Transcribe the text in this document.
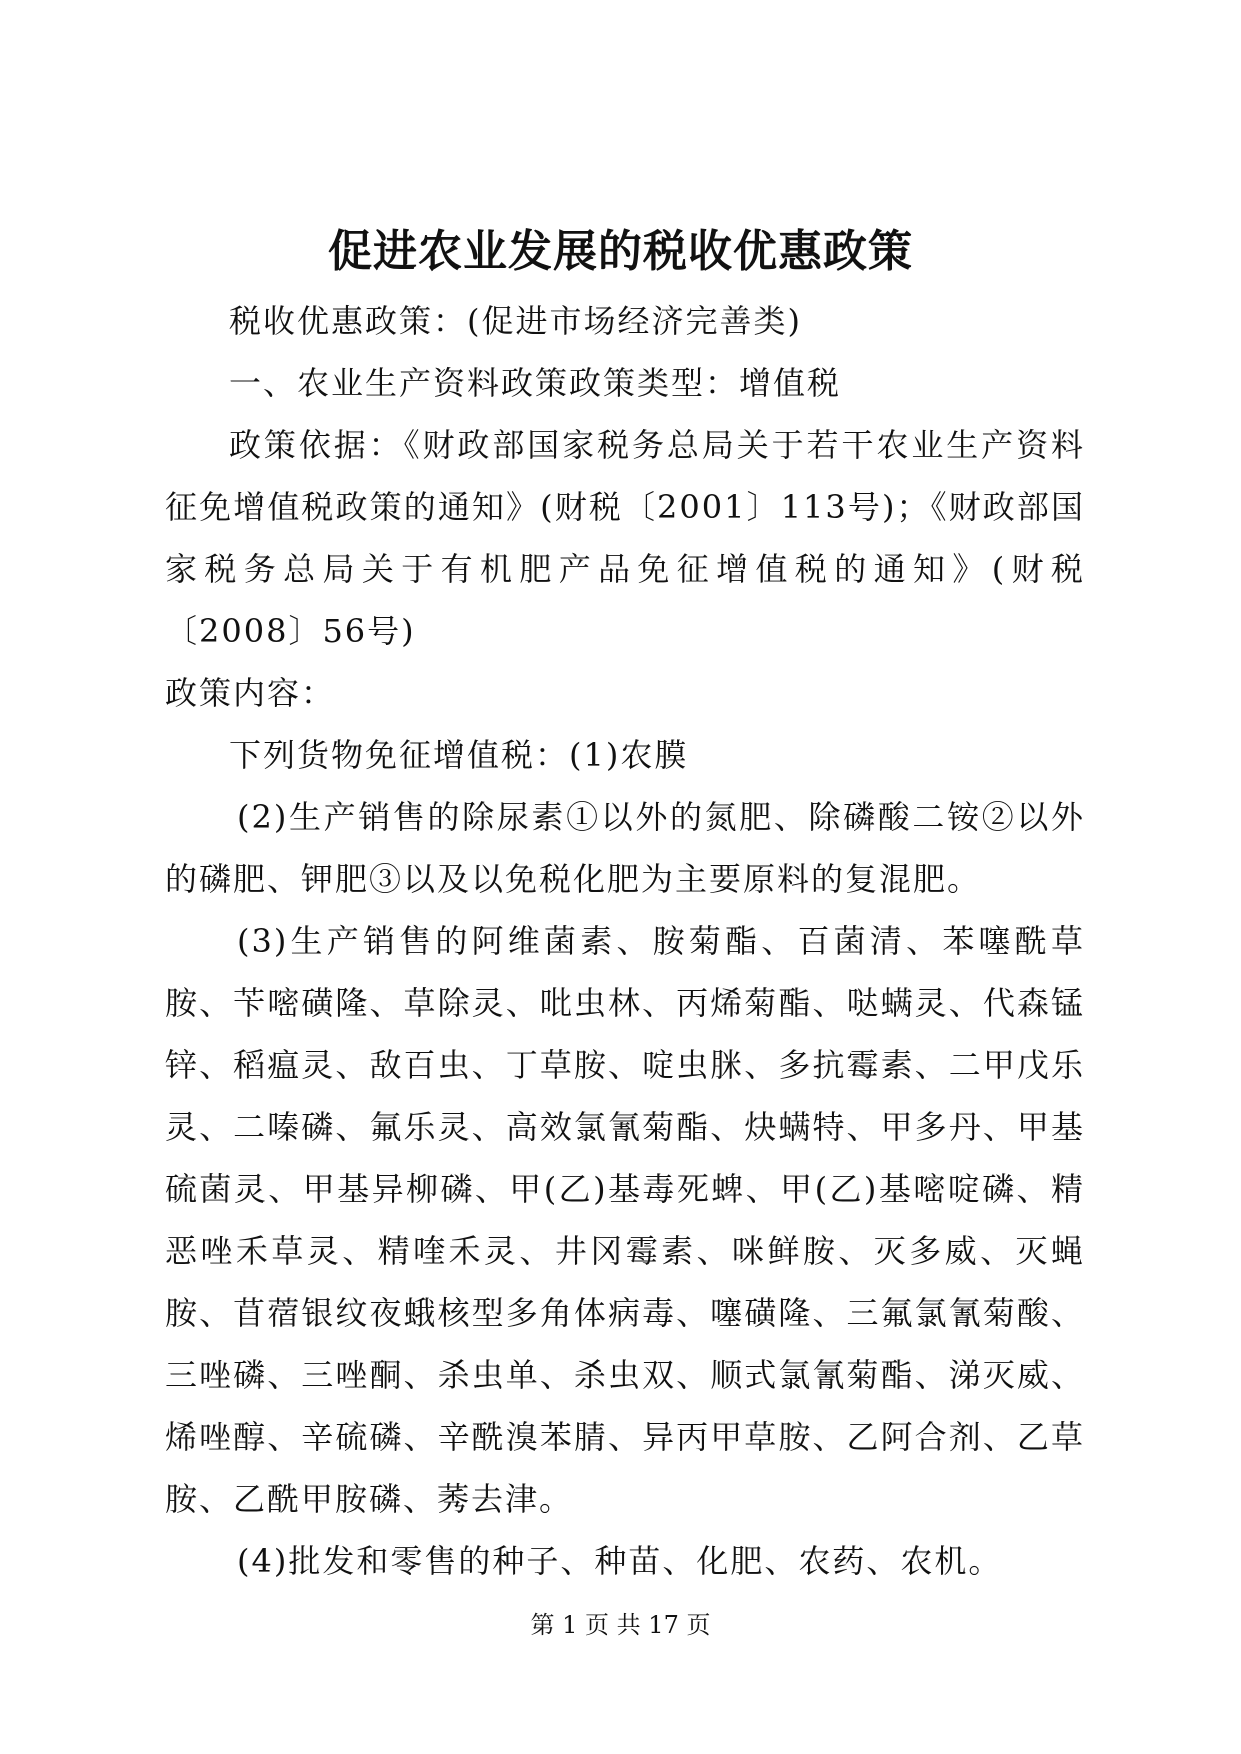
促进农业发展的税收优惠政策

税收优惠政策：(促进市场经济完善类)

一、农业生产资料政策政策类型：增值税

政策依据：《财政部国家税务总局关于若干农业生产资料征免增值税政策的通知》(财税〔2001〕113号)；《财政部国家税务总局关于有机肥产品免征增值税的通知》(财税〔2008〕56号)

政策内容：

下列货物免征增值税：(1)农膜

(2)生产销售的除尿素①以外的氮肥、除磷酸二铵②以外的磷肥、钾肥③以及以免税化肥为主要原料的复混肥。

(3)生产销售的阿维菌素、胺菊酯、百菌清、苯噻酰草胺、苄嘧磺隆、草除灵、吡虫林、丙烯菊酯、哒螨灵、代森锰锌、稻瘟灵、敌百虫、丁草胺、啶虫脒、多抗霉素、二甲戊乐灵、二嗪磷、氟乐灵、高效氯氰菊酯、炔螨特、甲多丹、甲基硫菌灵、甲基异柳磷、甲(乙)基毒死蜱、甲(乙)基嘧啶磷、精恶唑禾草灵、精喹禾灵、井冈霉素、咪鲜胺、灭多威、灭蝇胺、苜蓿银纹夜蛾核型多角体病毒、噻磺隆、三氟氯氰菊酸、三唑磷、三唑酮、杀虫单、杀虫双、顺式氯氰菊酯、涕灭威、烯唑醇、辛硫磷、辛酰溴苯腈、异丙甲草胺、乙阿合剂、乙草胺、乙酰甲胺磷、莠去津。

(4)批发和零售的种子、种苗、化肥、农药、农机。

第 1 页 共 17 页
